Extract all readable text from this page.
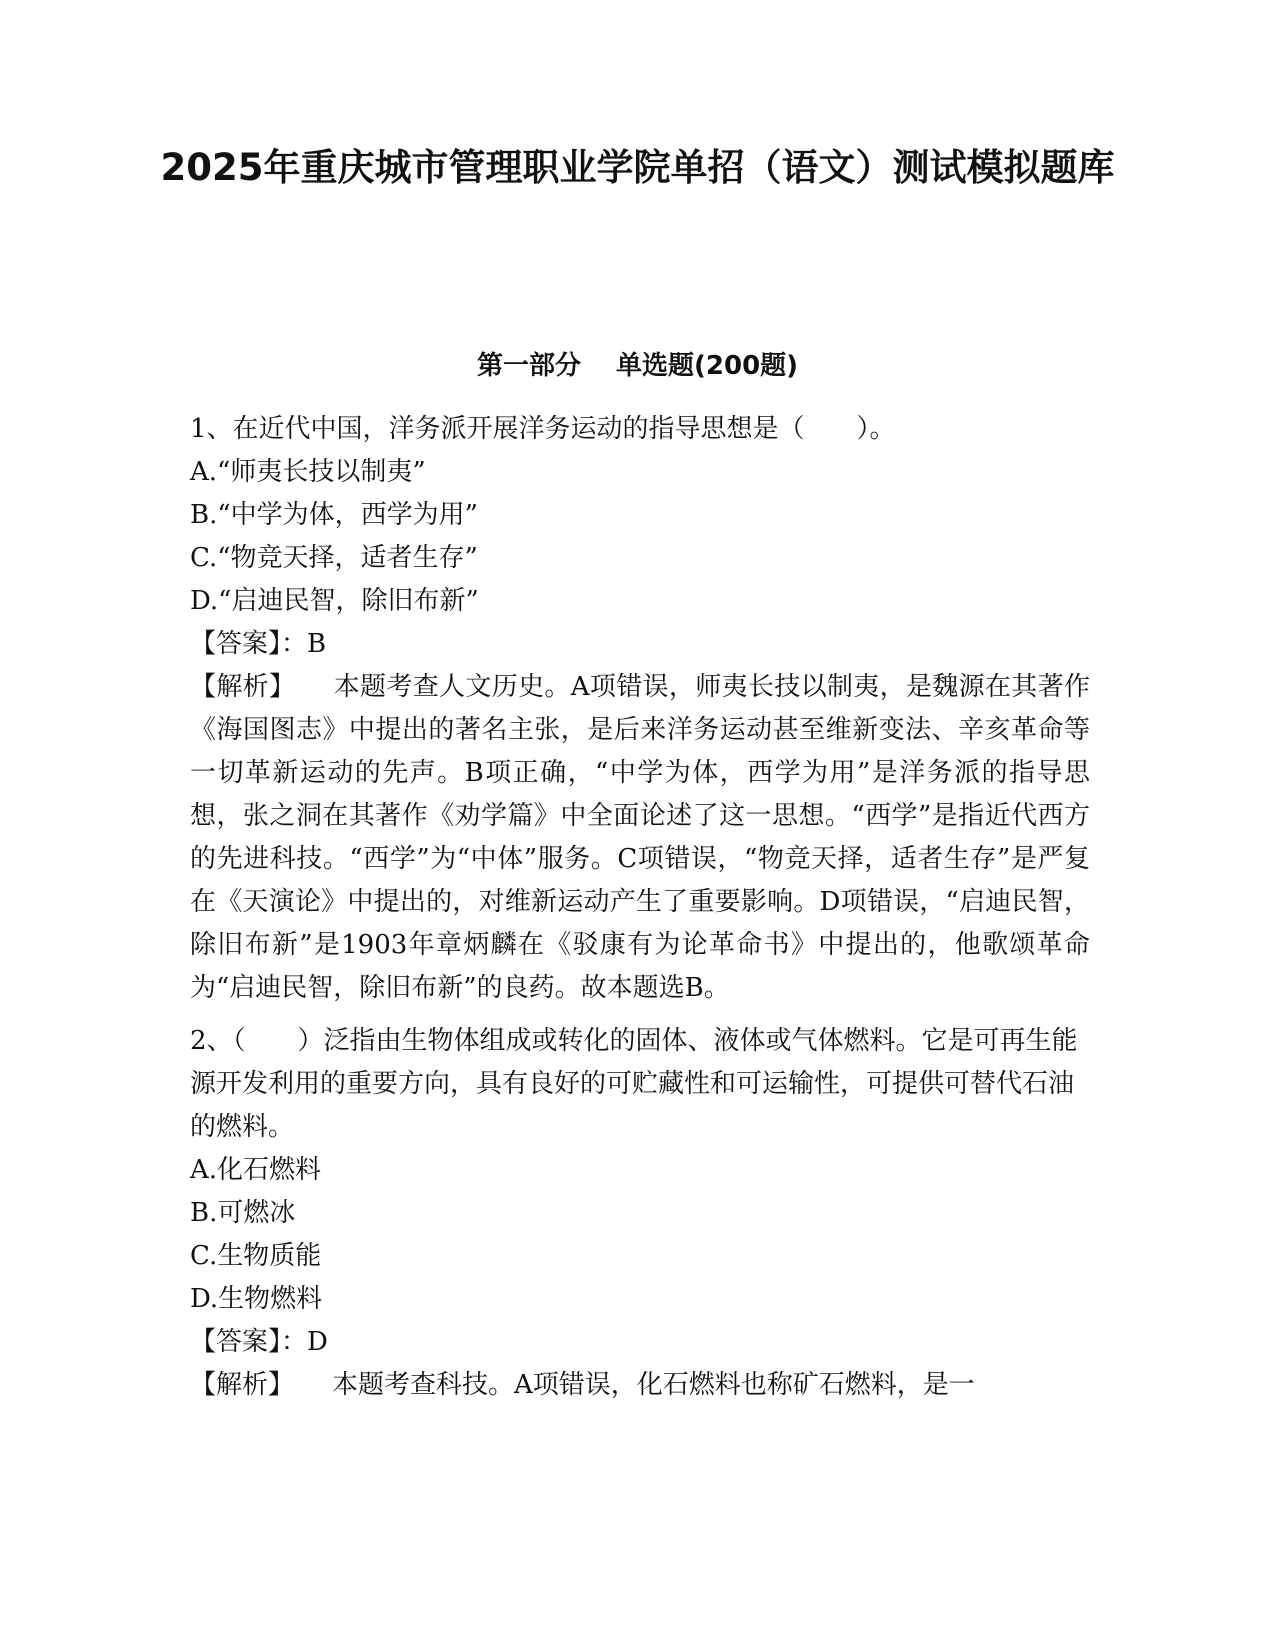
2025年重庆城市管理职业学院单招（语文）测试模拟题库
第一部分　 单选题(200题)

1、在近代中国，洋务派开展洋务运动的指导思想是（　　）。

A.“师夷长技以制夷”

B.“中学为体，西学为用”

C.“物竞天择，适者生存”

D.“启迪民智，除旧布新”

【答案】：B

【解析】 本题考查人文历史。A项错误，师夷长技以制夷，是魏源在其著作《海国图志》中提出的著名主张，是后来洋务运动甚至维新变法、辛亥革命等一切革新运动的先声。B项正确，“中学为体，西学为用”是洋务派的指导思想，张之洞在其著作《劝学篇》中全面论述了这一思想。“西学”是指近代西方的先进科技。“西学”为“中体”服务。C项错误，“物竞天择，适者生存”是严复在《天演论》中提出的，对维新运动产生了重要影响。D项错误，“启迪民智，除旧布新”是1903年章炳麟在《驳康有为论革命书》中提出的，他歌颂革命为“启迪民智，除旧布新”的良药。故本题选B。

2、（　　）泛指由生物体组成或转化的固体、液体或气体燃料。它是可再生能源开发利用的重要方向，具有良好的可贮藏性和可运输性，可提供可替代石油的燃料。

A.化石燃料

B.可燃冰

C.生物质能

D.生物燃料

【答案】：D

【解析】 本题考查科技。A项错误，化石燃料也称矿石燃料，是一
